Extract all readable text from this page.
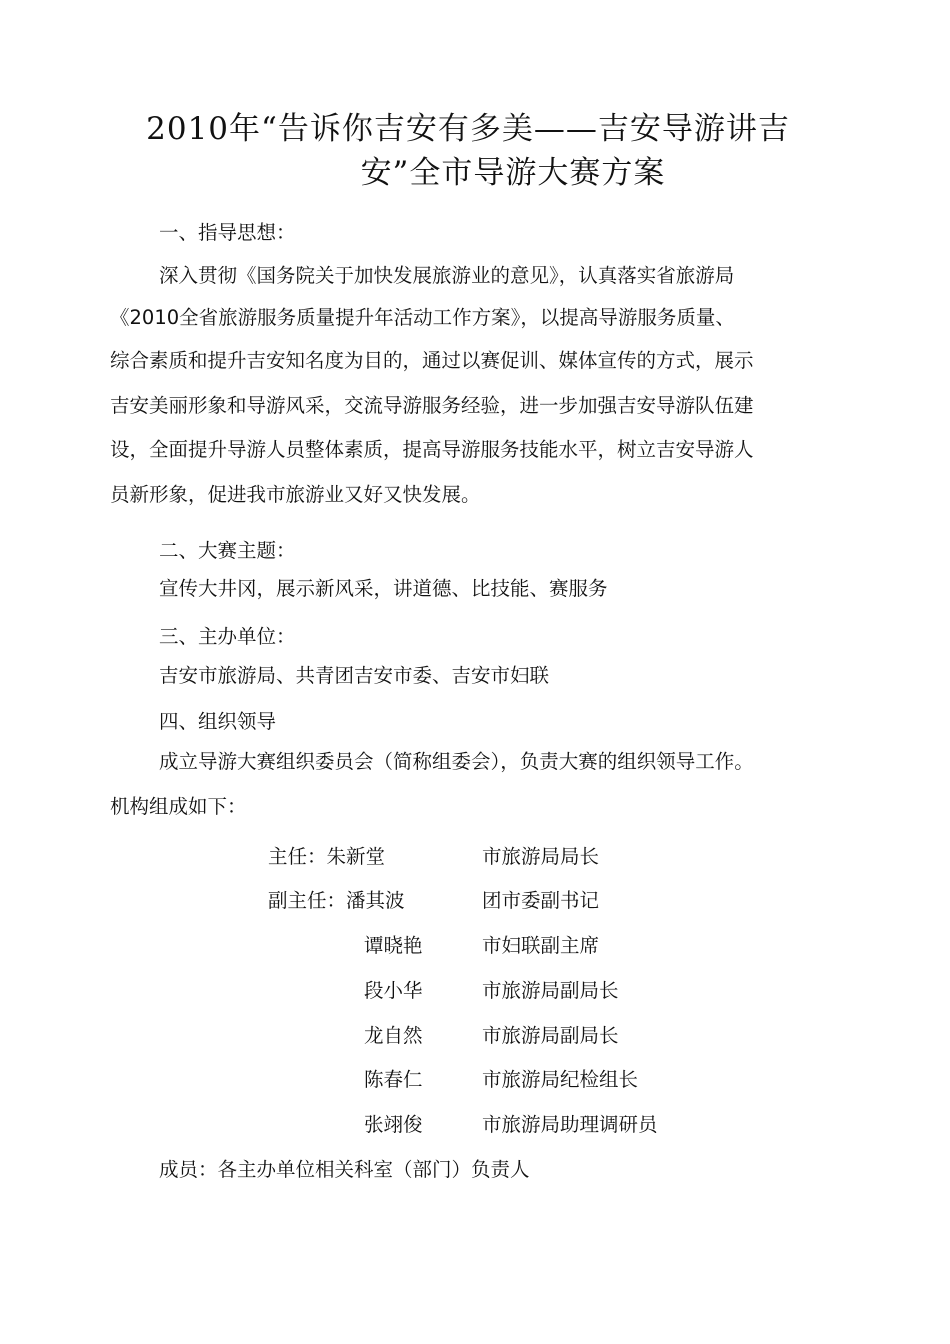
2010年“告诉你吉安有多美——吉安导游讲吉
安”全市导游大赛方案
一、指导思想：
深入贯彻《国务院关于加快发展旅游业的意见》，认真落实省旅游局
《2010全省旅游服务质量提升年活动工作方案》，以提高导游服务质量、
综合素质和提升吉安知名度为目的，通过以赛促训、媒体宣传的方式，展示
吉安美丽形象和导游风采，交流导游服务经验，进一步加强吉安导游队伍建
设，全面提升导游人员整体素质，提高导游服务技能水平，树立吉安导游人
员新形象，促进我市旅游业又好又快发展。
二、大赛主题：
宣传大井冈，展示新风采，讲道德、比技能、赛服务
三、主办单位：
吉安市旅游局、共青团吉安市委、吉安市妇联
四、组织领导
成立导游大赛组织委员会（简称组委会），负责大赛的组织领导工作。
机构组成如下：
主任：朱新堂	市旅游局局长
副主任：潘其波	团市委副书记
谭晓艳	市妇联副主席
段小华	市旅游局副局长
龙自然	市旅游局副局长
陈春仁	市旅游局纪检组长
张翊俊	市旅游局助理调研员
成员：各主办单位相关科室（部门）负责人
